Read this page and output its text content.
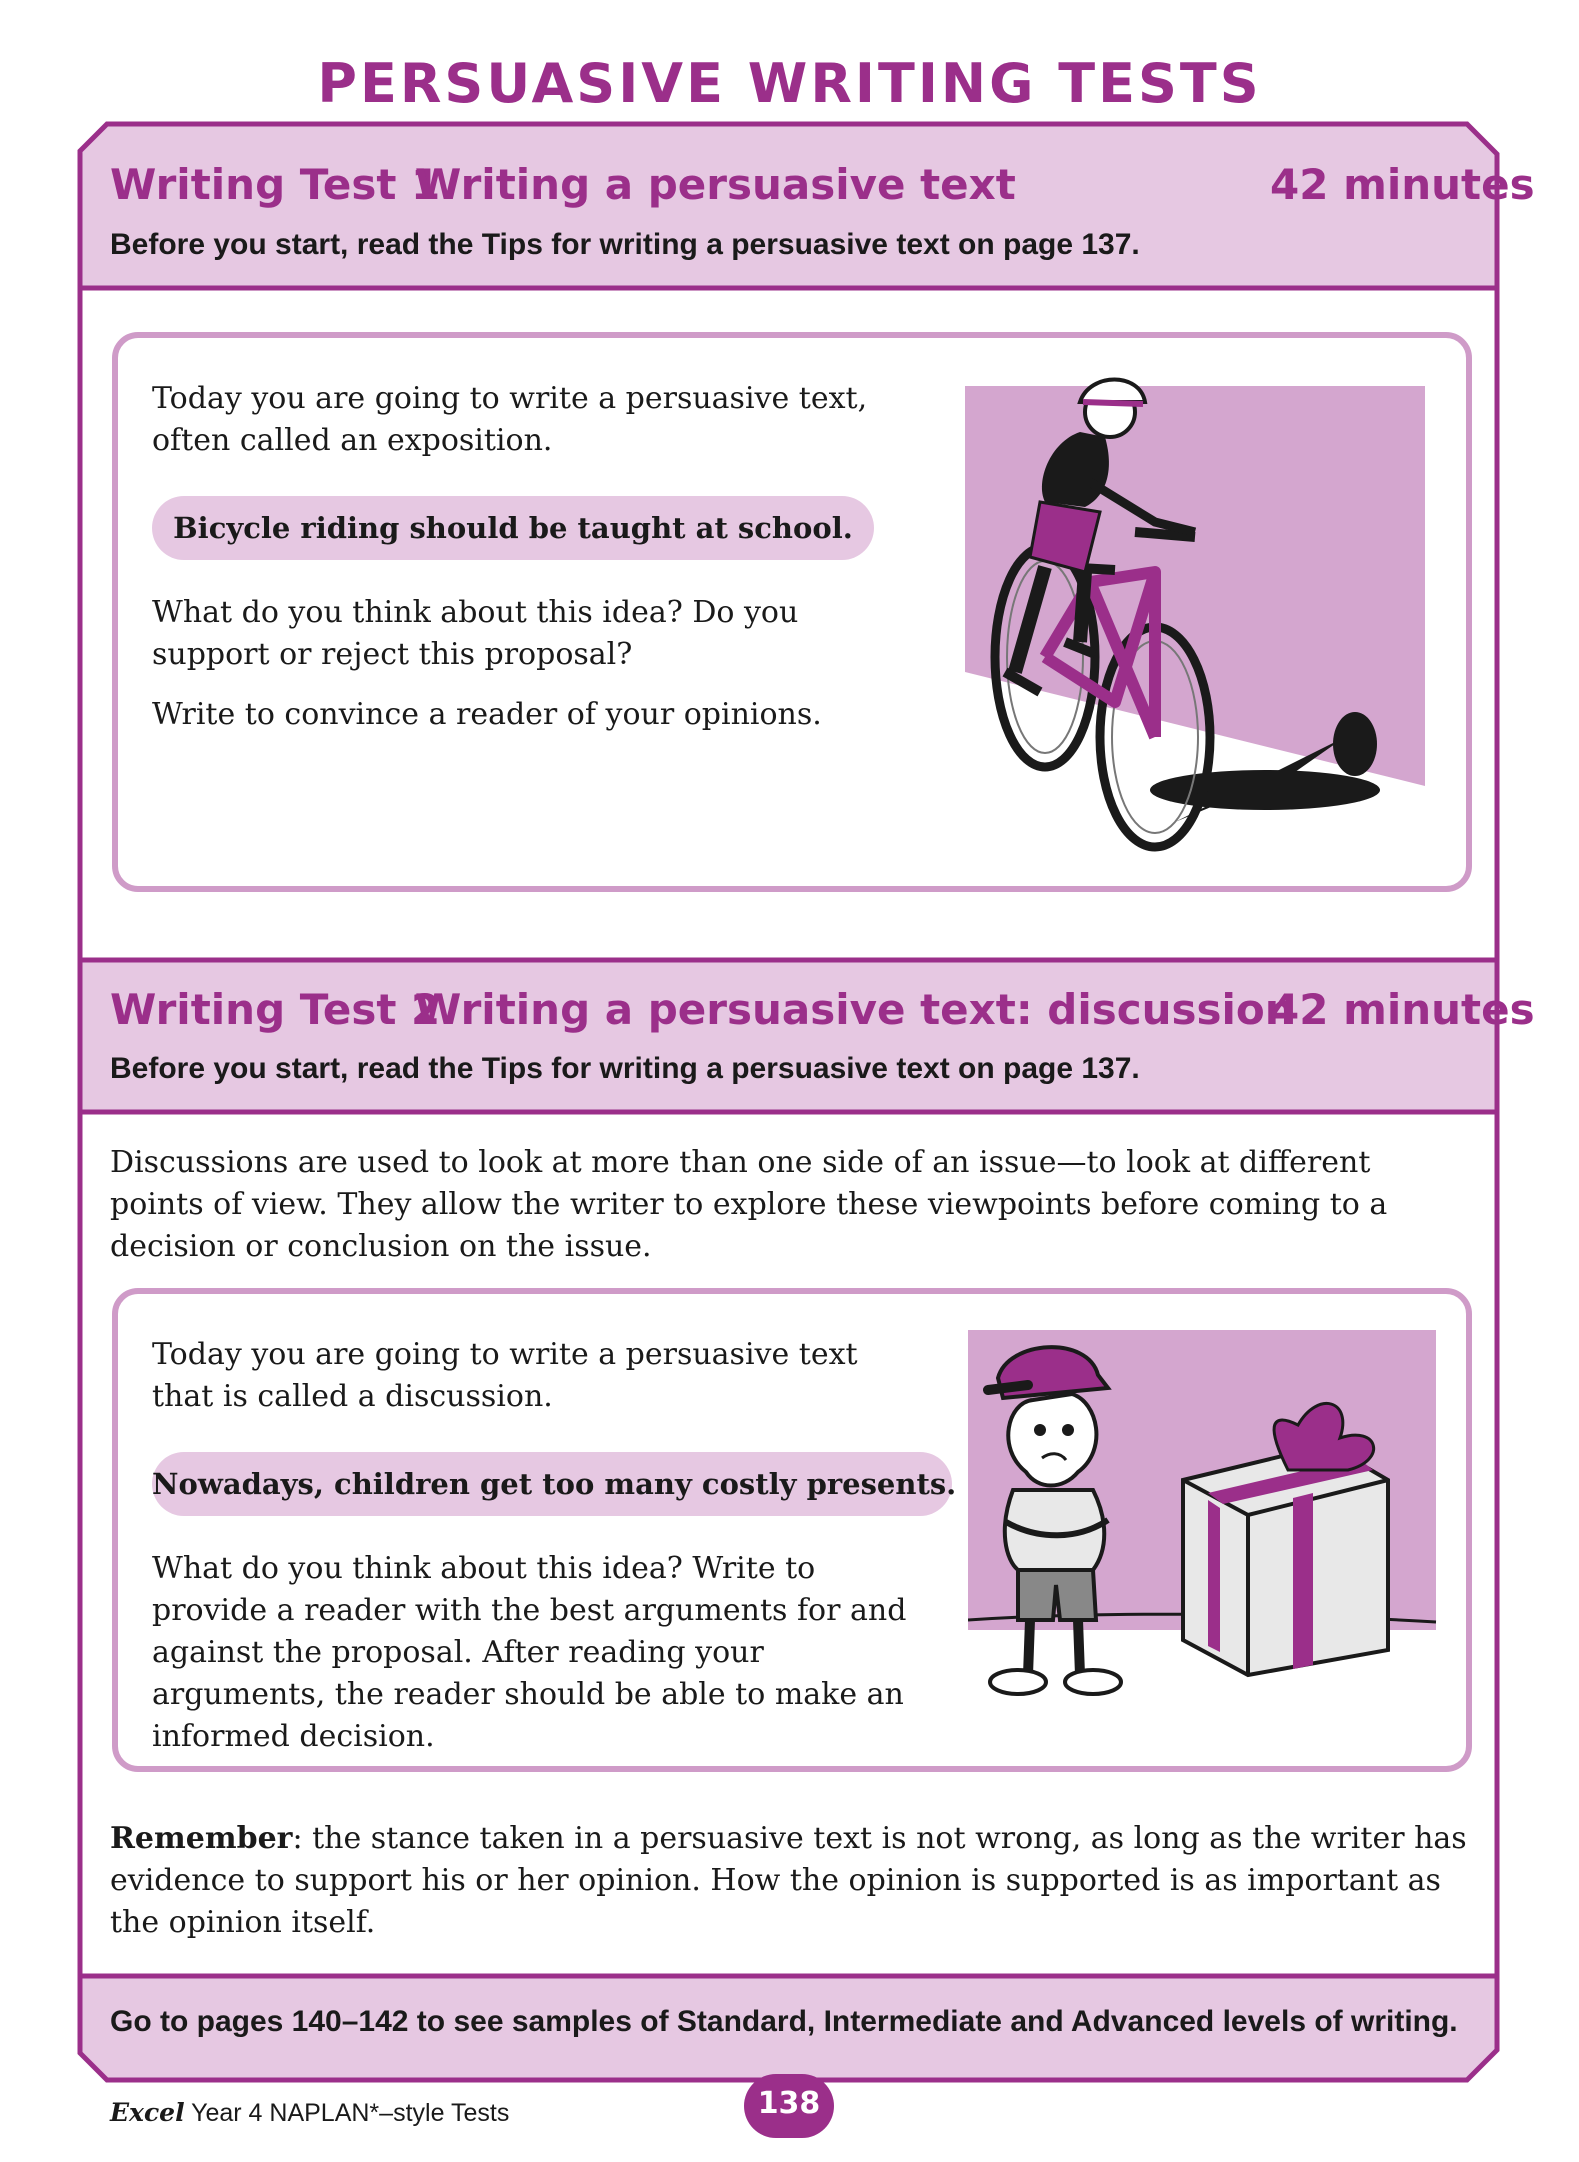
PERSUASIVE WRITING TESTS
Writing Test 1
Writing a persuasive text	42 minutes
Before you start, read the Tips for writing a persuasive text on page 137.

Today you are going to write a persuasive text, often called an exposition.

Bicycle riding should be taught at school.

What do you think about this idea? Do you support or reject this proposal?

Write to convince a reader of your opinions.

Writing Test 2
Writing a persuasive text: discussion
42 minutes
Before you start, read the Tips for writing a persuasive text on page 137.

Discussions are used to look at more than one side of an issue—to look at different points of view. They allow the writer to explore these viewpoints before coming to a decision or conclusion on the issue.

Today you are going to write a persuasive text that is called a discussion.

Nowadays, children get too many costly presents.

What do you think about this idea? Write to provide a reader with the best arguments for and against the proposal. After reading your arguments, the reader should be able to make an informed decision.

Remember: the stance taken in a persuasive text is not wrong, as long as the writer has evidence to support his or her opinion. How the opinion is supported is as important as the opinion itself.

Go to pages 140–142 to see samples of Standard, Intermediate and Advanced levels of writing.
Excel Year 4 NAPLAN*–style Tests	138
